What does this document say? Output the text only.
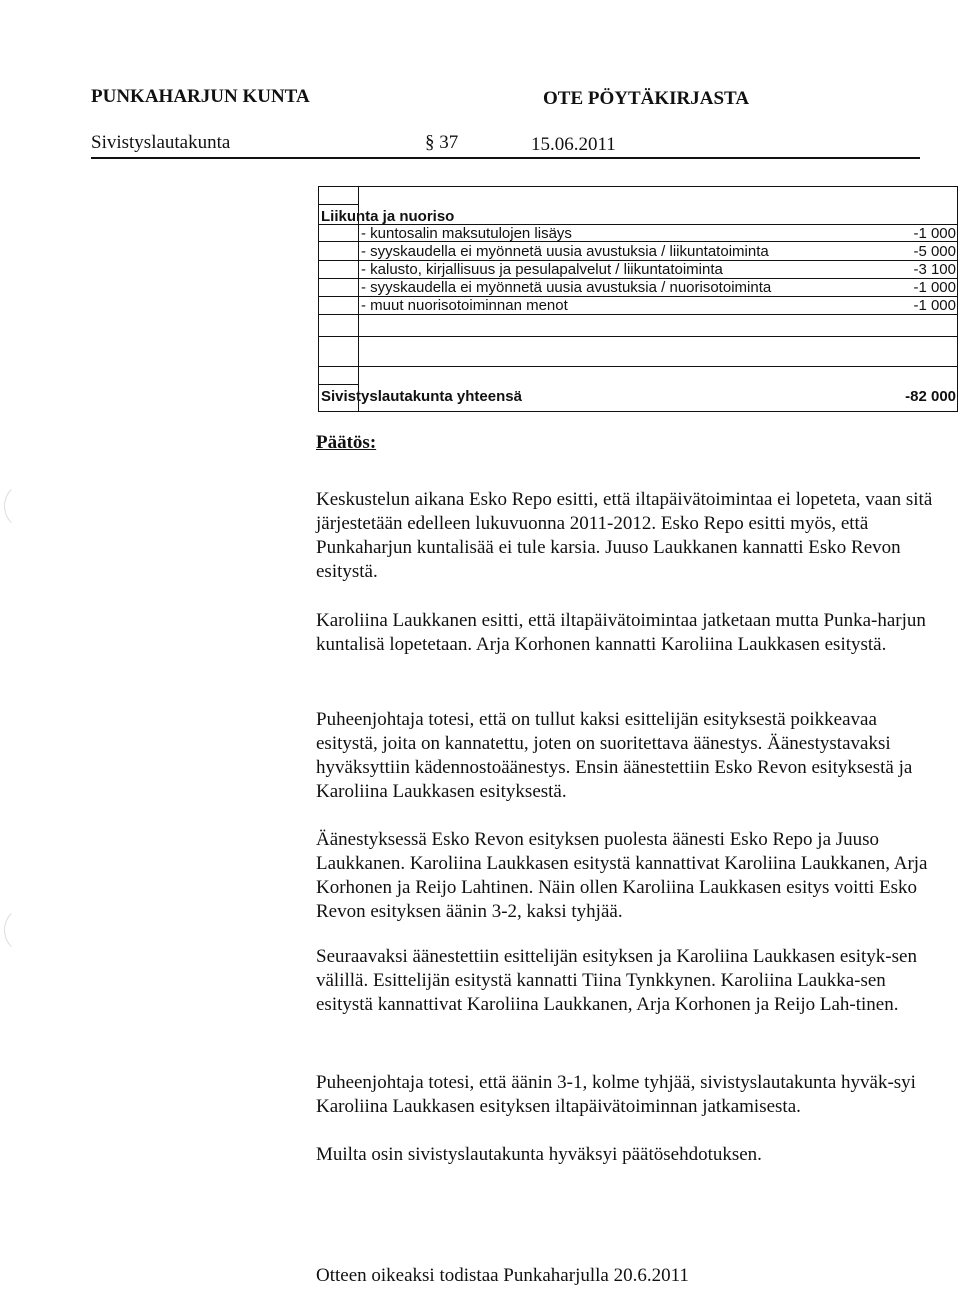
PUNKAHARJUN KUNTA	OTE PÖYTÄKIRJASTA
Sivistyslautakunta	§ 37	15.06.2011
Liikunta ja nuoriso
- kuntosalin maksutulojen lisäys	-1 000
- syyskaudella ei myönnetä uusia avustuksia / liikuntatoiminta	-5 000
- kalusto, kirjallisuus ja pesulapalvelut / liikuntatoiminta	-3 100
- syyskaudella ei myönnetä uusia avustuksia / nuorisotoiminta	-1 000
- muut nuorisotoiminnan menot	-1 000
Sivistyslautakunta yhteensä	-82 000
Päätös:

Keskustelun aikana Esko Repo esitti, että iltapäivätoimintaa ei lopeteta, vaan sitä järjestetään edelleen lukuvuonna 2011-2012. Esko Repo esitti myös, että Punkaharjun kuntalisää ei tule karsia. Juuso Laukkanen kannatti Esko Revon esitystä.

Karoliina Laukkanen esitti, että iltapäivätoimintaa jatketaan mutta Punka-harjun kuntalisä lopetetaan. Arja Korhonen kannatti Karoliina Laukkasen esitystä.

Puheenjohtaja totesi, että on tullut kaksi esittelijän esityksestä poikkeavaa esitystä, joita on kannatettu, joten on suoritettava äänestys. Äänestystavaksi hyväksyttiin kädennostoäänestys. Ensin äänestettiin Esko Revon esityksestä ja Karoliina Laukkasen esityksestä.

Äänestyksessä Esko Revon esityksen puolesta äänesti Esko Repo ja Juuso Laukkanen. Karoliina Laukkasen esitystä kannattivat Karoliina Laukkanen, Arja Korhonen ja Reijo Lahtinen. Näin ollen Karoliina Laukkasen esitys voitti Esko Revon esityksen äänin 3-2, kaksi tyhjää.

Seuraavaksi äänestettiin esittelijän esityksen ja Karoliina Laukkasen esityk-sen välillä. Esittelijän esitystä kannatti Tiina Tynkkynen. Karoliina Laukka-sen esitystä kannattivat Karoliina Laukkanen, Arja Korhonen ja Reijo Lah-tinen.

Puheenjohtaja totesi, että äänin 3-1, kolme tyhjää, sivistyslautakunta hyväk-syi Karoliina Laukkasen esityksen iltapäivätoiminnan jatkamisesta.

Muilta osin sivistyslautakunta hyväksyi päätösehdotuksen.

Otteen oikeaksi todistaa Punkaharjulla 20.6.2011
